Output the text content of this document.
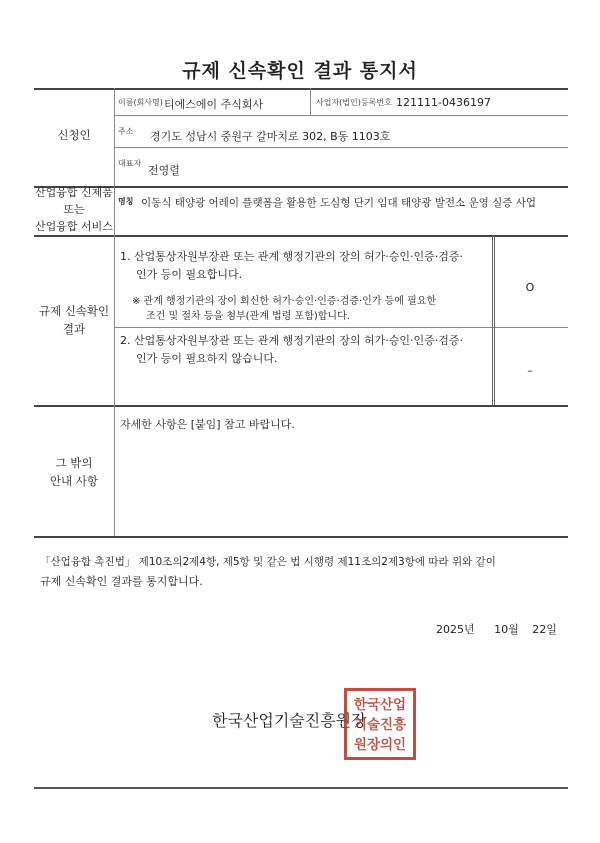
규제 신속확인 결과 통지서
신청인
이름(회사명) 티에스에이 주식회사	사업자(법인)등록번호 121111-0436197
주소 경기도 성남시 중원구 갈마치로 302, B동 1103호
대표자
전영렬
산업융합 신제품
또는
산업융합 서비스
명칭 이동식 태양광 어레이 플랫폼을 활용한 도심형 단기 임대 태양광 발전소 운영 실증 사업
규제 신속확인
결과
1. 산업통상자원부장관 또는 관계 행정기관의 장의 허가·승인·인증·검증·
인가 등이 필요합니다.
※ 관계 행정기관의 장이 회신한 허가·승인·인증·검증·인가 등에 필요한
조건 및 절차 등을 첨부(관계 법령 포함)합니다.
O
2. 산업통상자원부장관 또는 관계 행정기관의 장의 허가·승인·인증·검증·
인가 등이 필요하지 않습니다.
–
그 밖의
안내 사항
자세한 사항은 [붙임] 참고 바랍니다.
「산업융합 촉진법」 제10조의2제4항, 제5항 및 같은 법 시행령 제11조의2제3항에 따라 위와 같이
규제 신속확인 결과를 통지합니다.
2025년 10월 22일
한국산업기술진흥원장
한국산업
기술진흥
원장의인
